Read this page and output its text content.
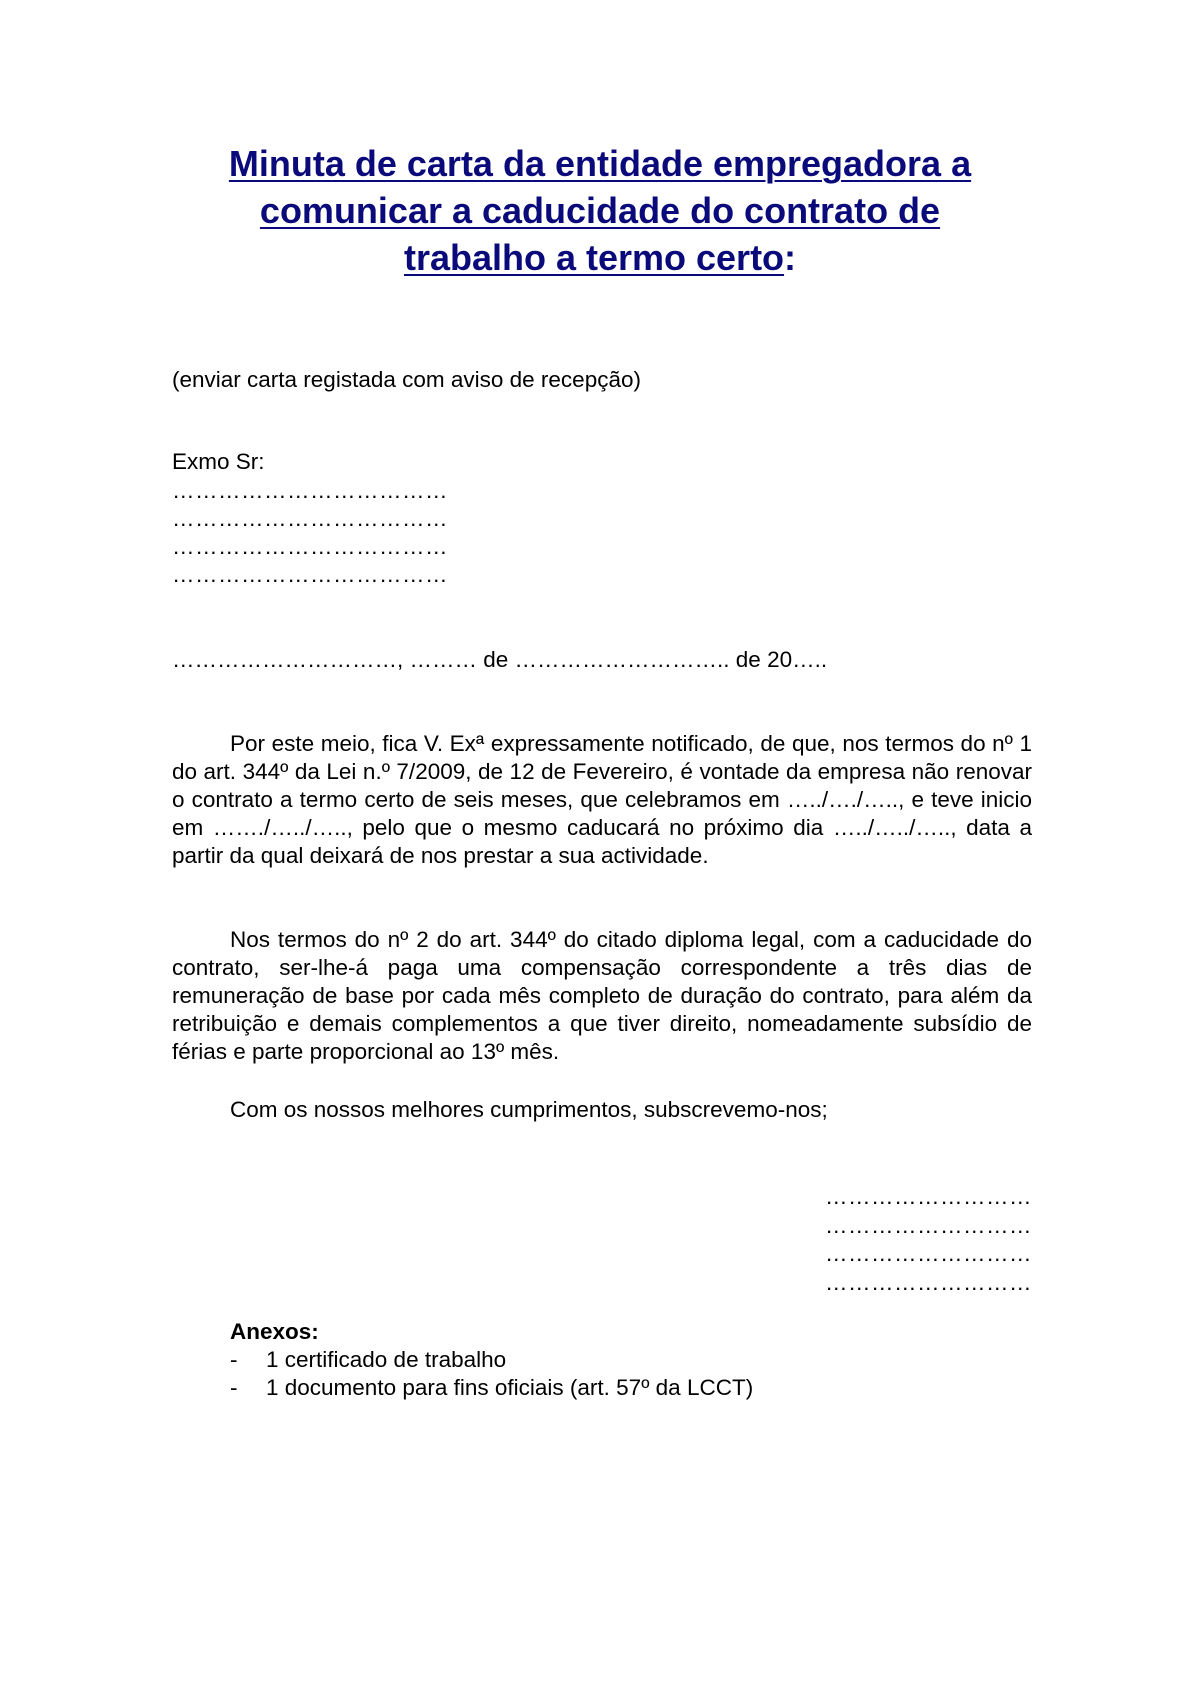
Minuta de carta da entidade empregadora a
comunicar a caducidade do contrato de
trabalho a termo certo:
(enviar carta registada com aviso de recepção)
Exmo Sr:
………………………………
………………………………
………………………………
………………………………
…………………………, ……… de ……………………….. de 20…..
Por este meio, fica V. Exª expressamente notificado, de que, nos termos do nº 1 do art. 344º da Lei n.º 7/2009, de 12 de Fevereiro, é vontade da empresa não renovar o contrato a termo certo de seis meses, que celebramos em …../…./….., e teve inicio em ……./…../….., pelo que o mesmo caducará no próximo dia …../…../….., data a partir da qual deixará de nos prestar a sua actividade.
Nos termos do nº 2 do art. 344º do citado diploma legal, com a caducidade do contrato, ser-lhe-á paga uma compensação correspondente a três dias de remuneração de base por cada mês completo de duração do contrato, para além da retribuição e demais complementos a que tiver direito, nomeadamente subsídio de férias e parte proporcional ao 13º mês.
Com os nossos melhores cumprimentos, subscrevemo-nos;
………………………
………………………
………………………
………………………
Anexos:
- 1 certificado de trabalho
- 1 documento para fins oficiais (art. 57º da LCCT)
